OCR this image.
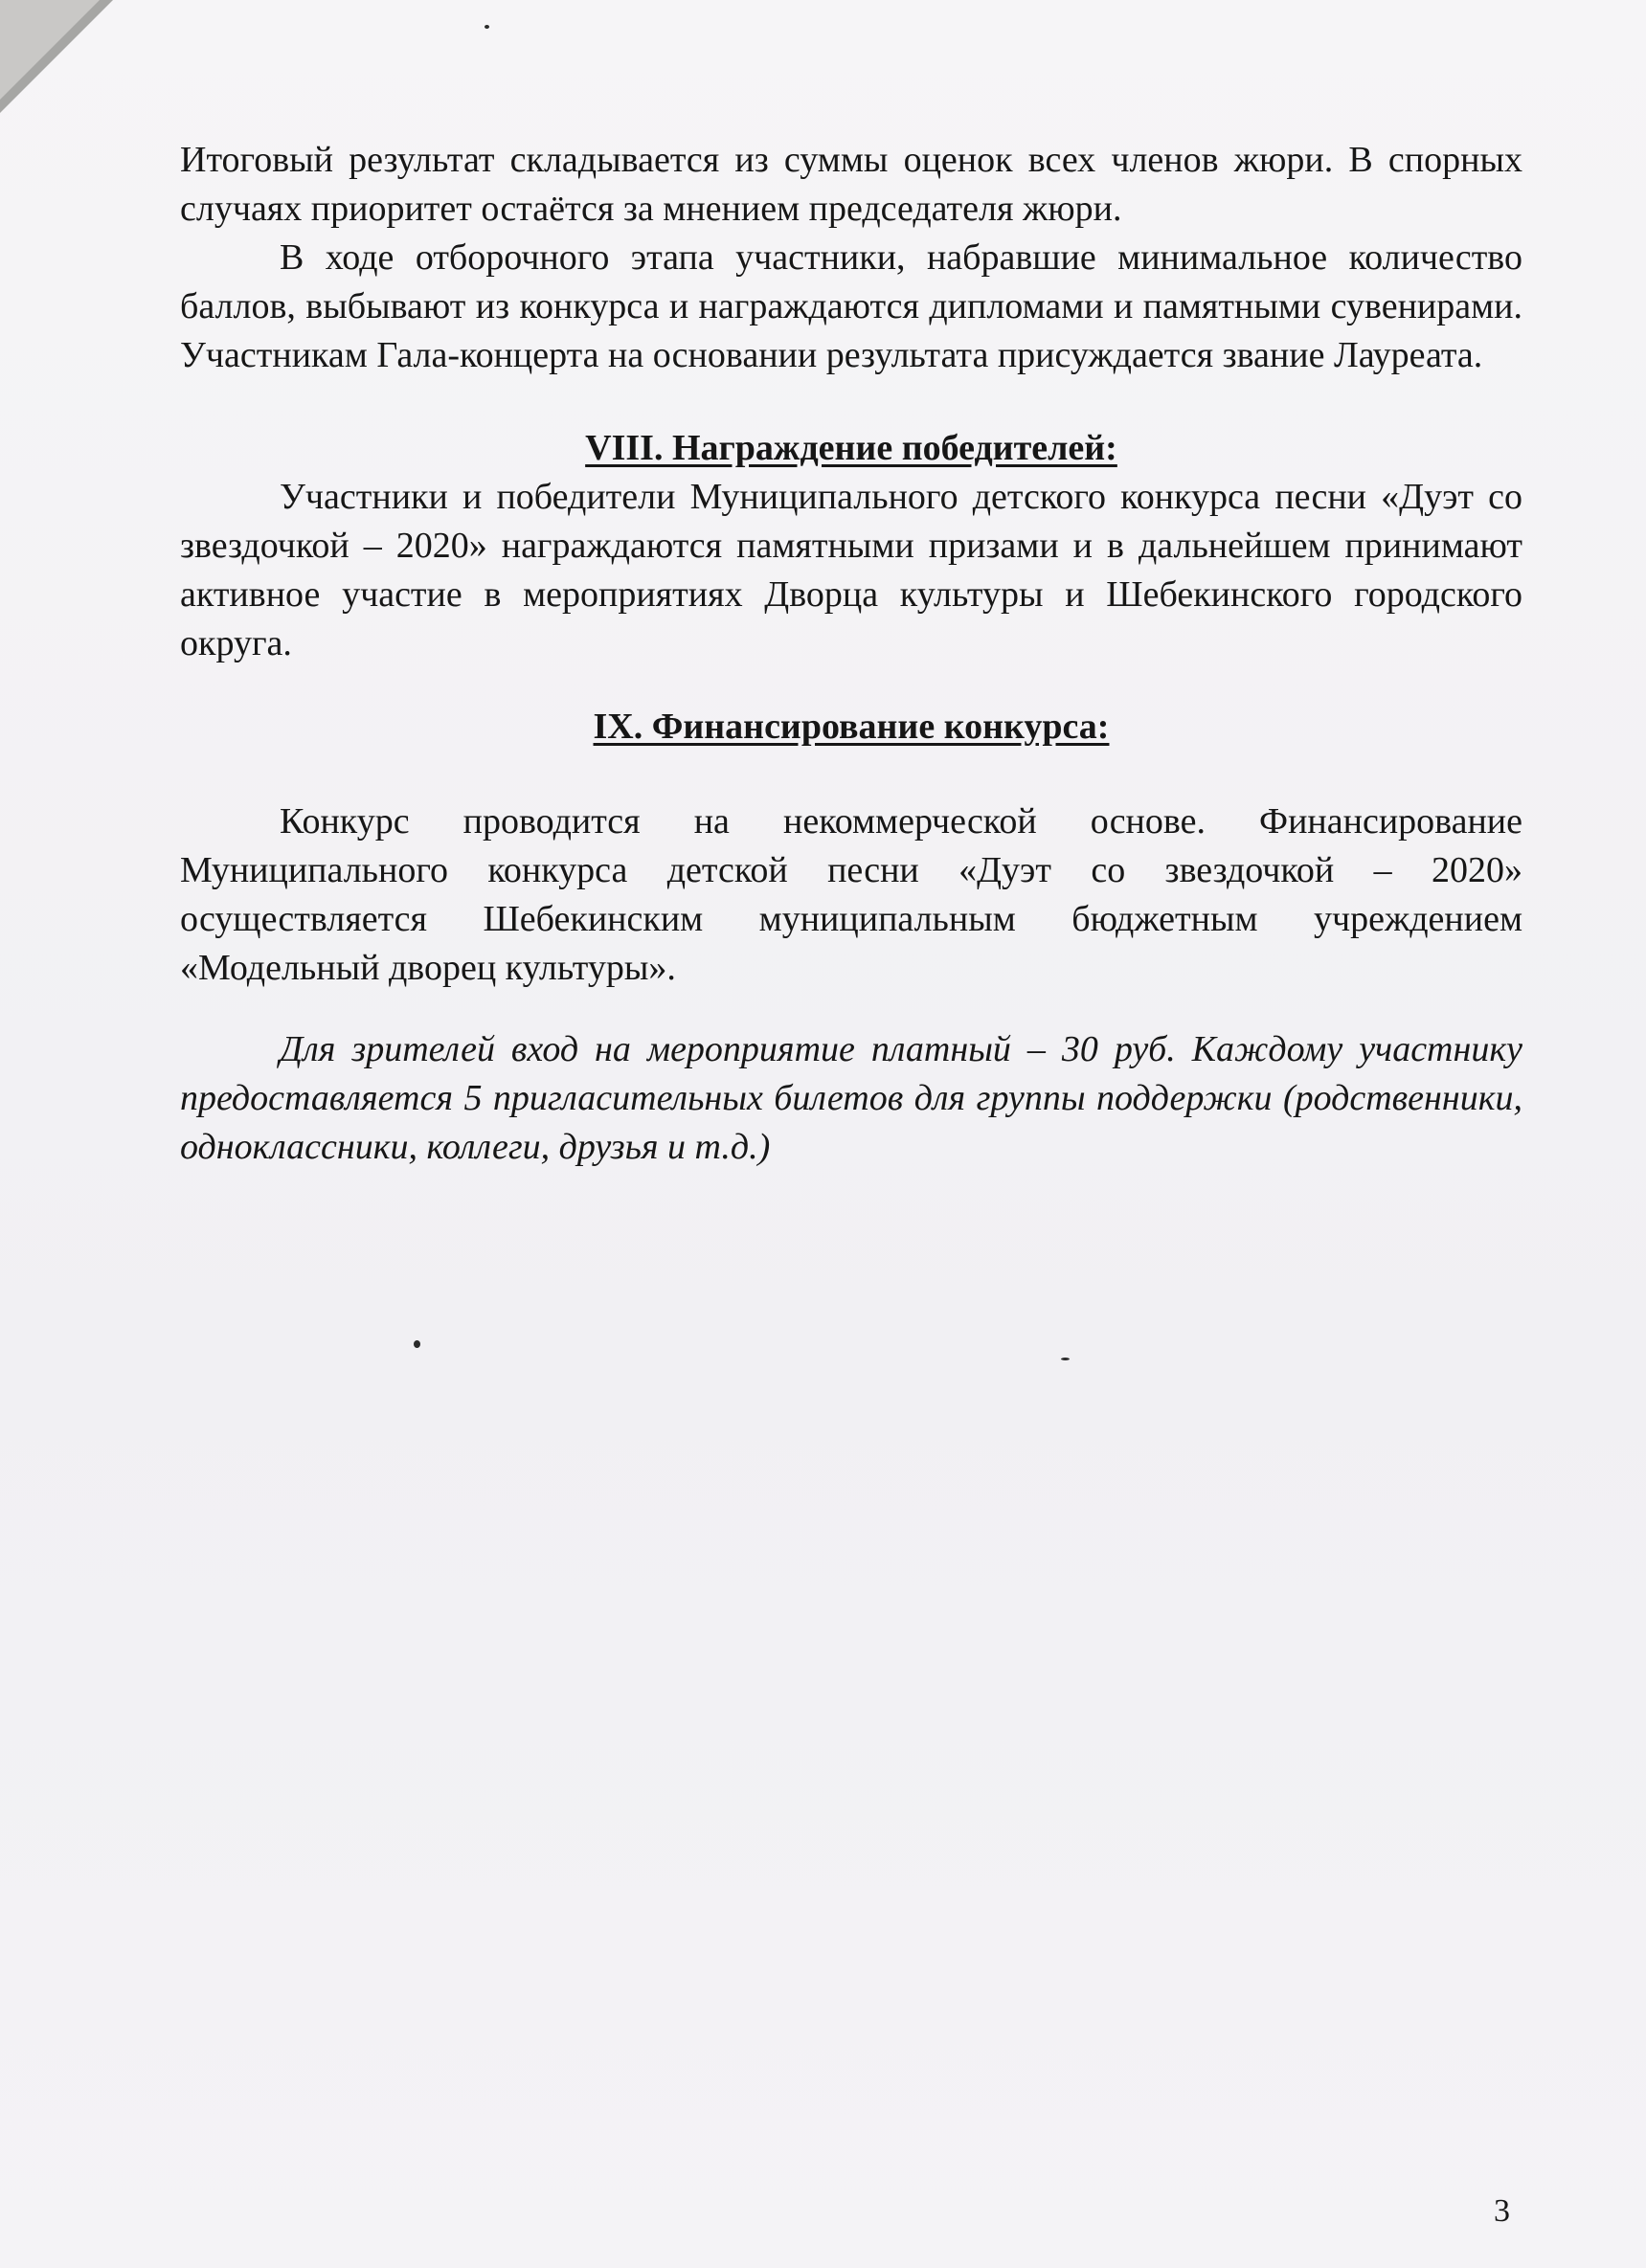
Итоговый результат складывается из суммы оценок всех членов жюри. В спорных случаях приоритет остаётся за мнением председателя жюри.

В ходе отборочного этапа участники, набравшие минимальное количество баллов, выбывают из конкурса и награждаются дипломами и памятными сувенирами. Участникам Гала-концерта на основании результата присуждается звание Лауреата.

VIII. Награждение победителей:

Участники и победители Муниципального детского конкурса песни «Дуэт со звездочкой – 2020» награждаются памятными призами и в дальнейшем принимают активное участие в мероприятиях Дворца культуры и Шебекинского городского округа.

IX. Финансирование конкурса:

Конкурс проводится на некоммерческой основе. Финансирование Муниципального конкурса детской песни «Дуэт со звездочкой – 2020» осуществляется Шебекинским муниципальным бюджетным учреждением «Модельный дворец культуры».

Для зрителей вход на мероприятие платный – 30 руб. Каждому участнику предоставляется 5 пригласительных билетов для группы поддержки (родственники, одноклассники, коллеги, друзья и т.д.)

3
